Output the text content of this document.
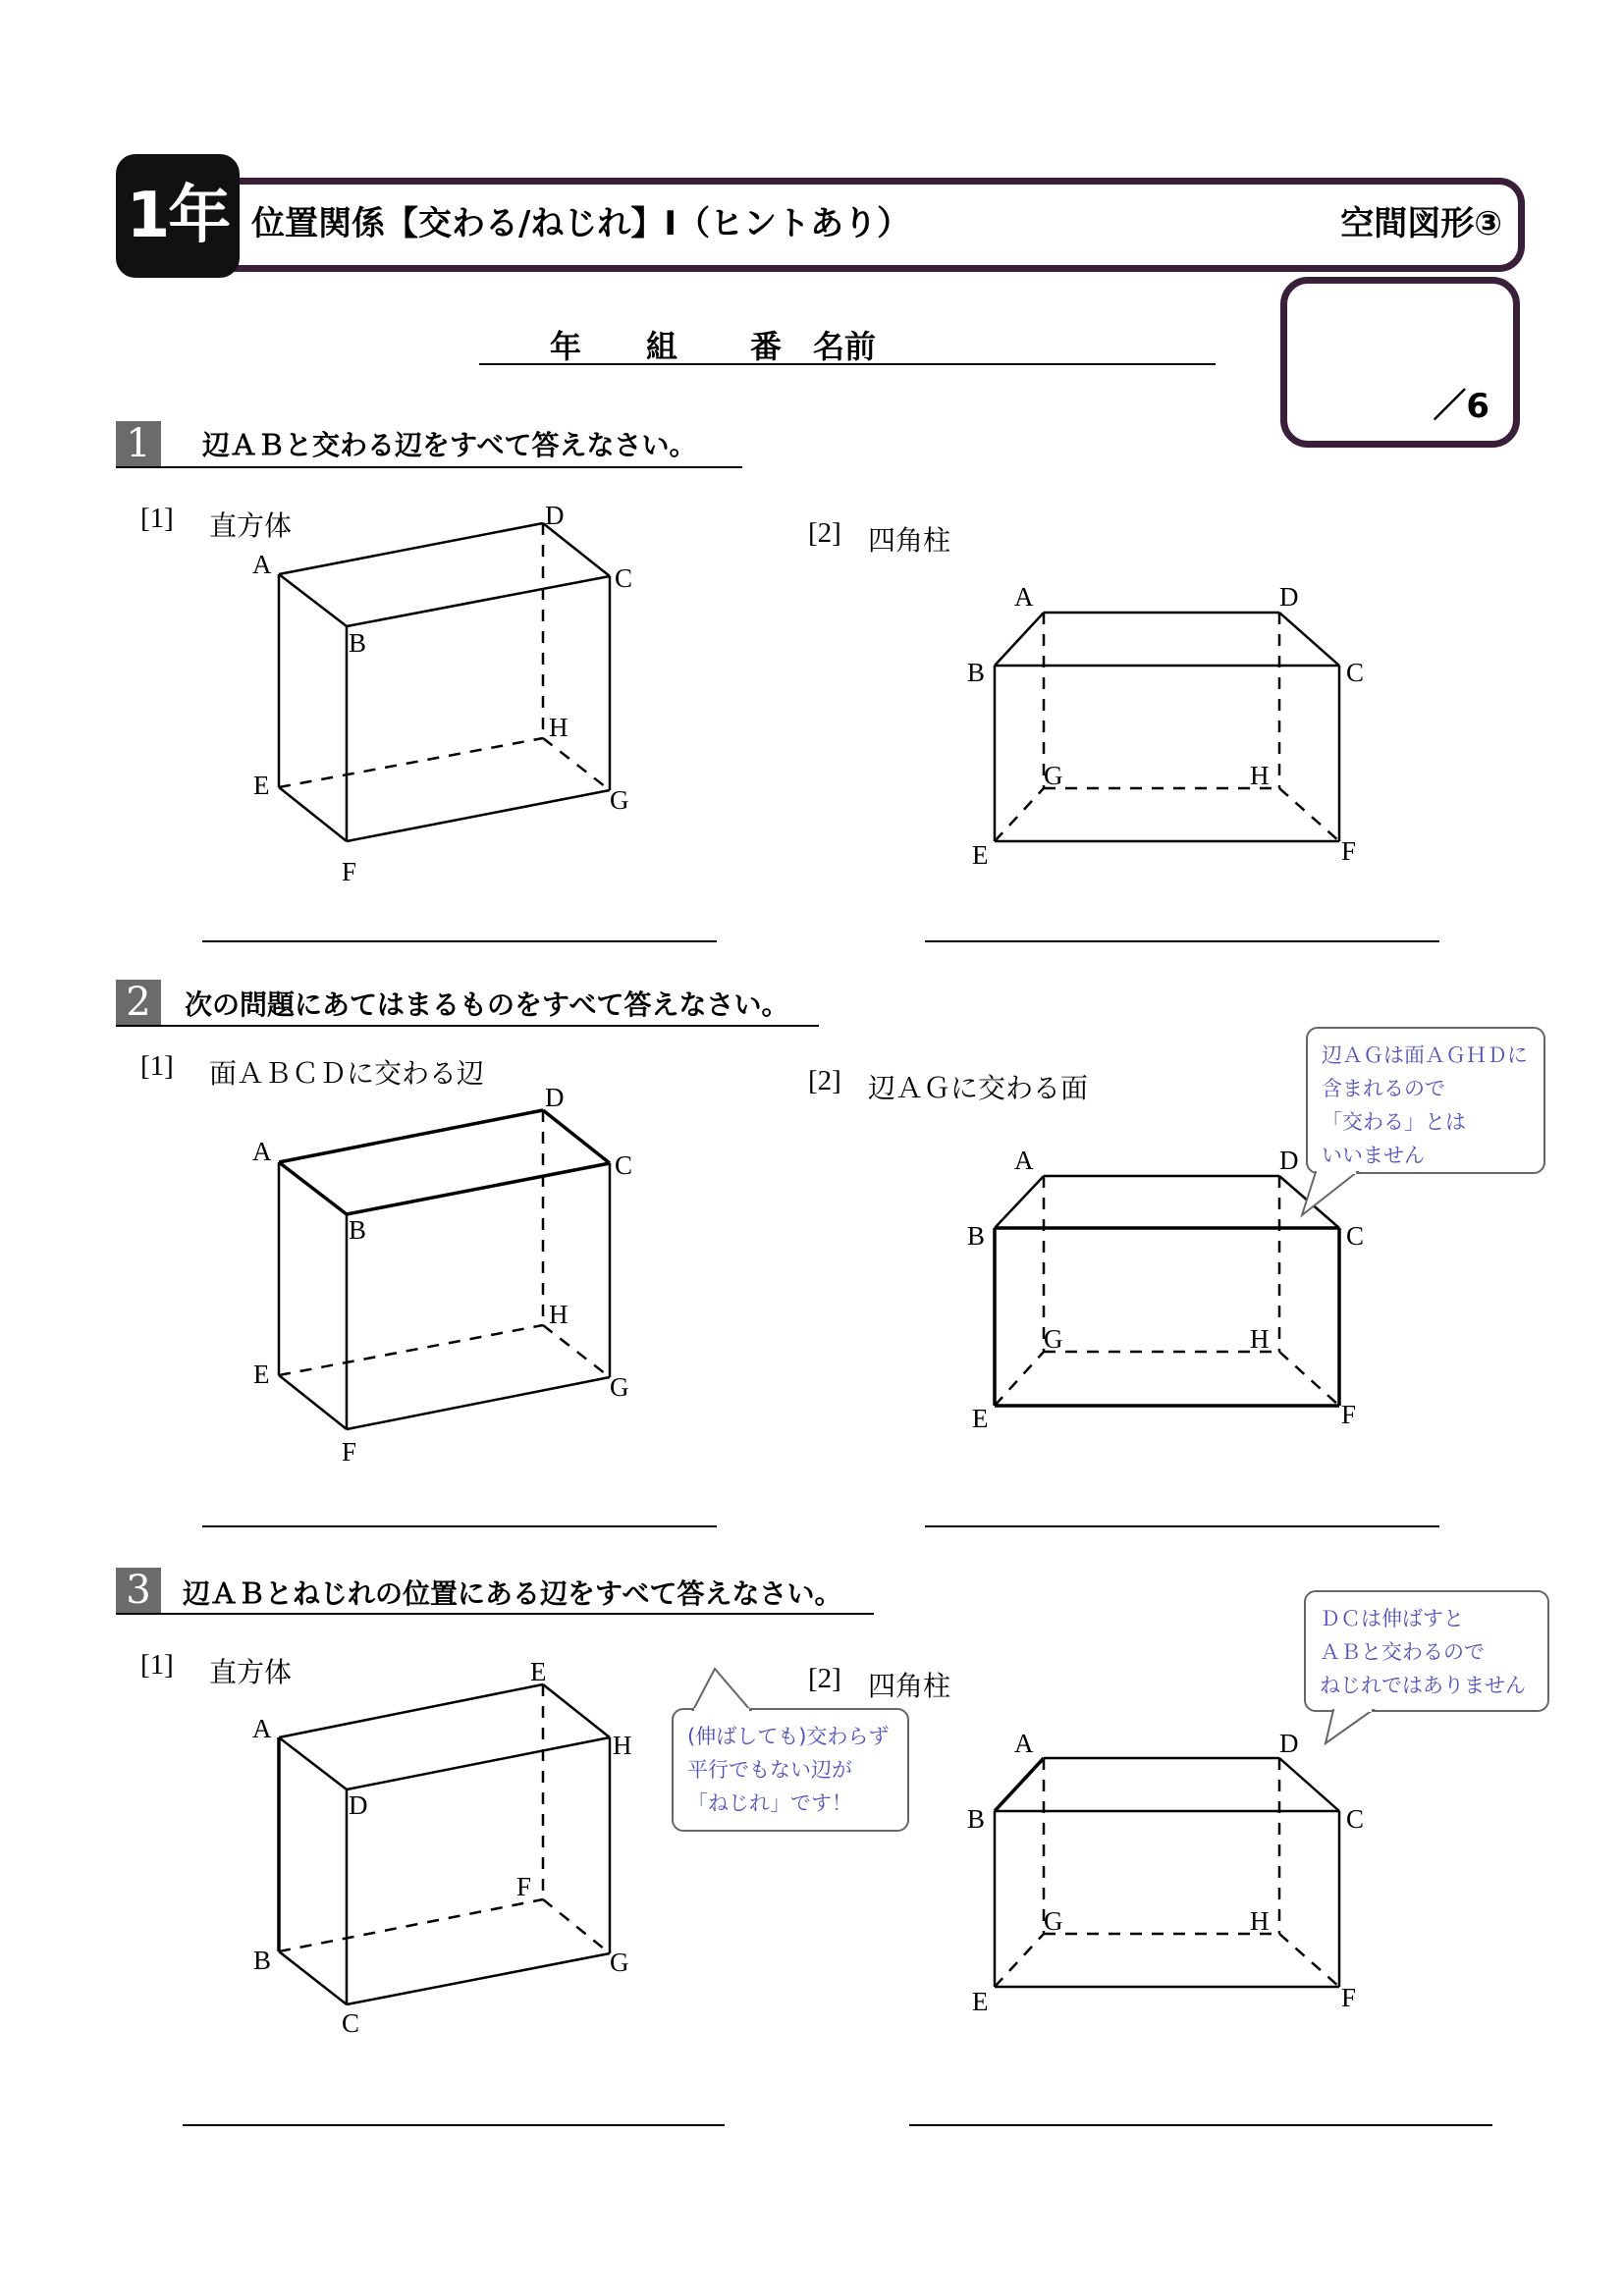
1年 位置関係【交わる/ねじれ】Ⅰ（ヒントあり）	空間図形③
年 組 番 名前
／6
1	辺ＡＢと交わる辺をすべて答えなさい。
[1] 直方体	[2] 四角柱
A
B
C
D
E
F
G
H
A
B	C
D
E	F
G	H
2	次の問題にあてはまるものをすべて答えなさい。
[1] 面ＡＢＣＤに交わる辺	[2] 辺ＡＧに交わる面
A
B
C
D
E
F
G
H
A
B	C
D
E	F
G	H
辺ＡＧは面ＡＧＨＤに
含まれるので
「交わる」とは
いいません
3	辺ＡＢとねじれの位置にある辺をすべて答えなさい。
[1] 直方体	[2] 四角柱
A
D
H
E
B
C
G
F
A
B	C
D
E	F
G	H
(伸ばしても)交わらず
平行でもない辺が
「ねじれ」です！
ＤＣは伸ばすと
ＡＢと交わるので
ねじれではありません
